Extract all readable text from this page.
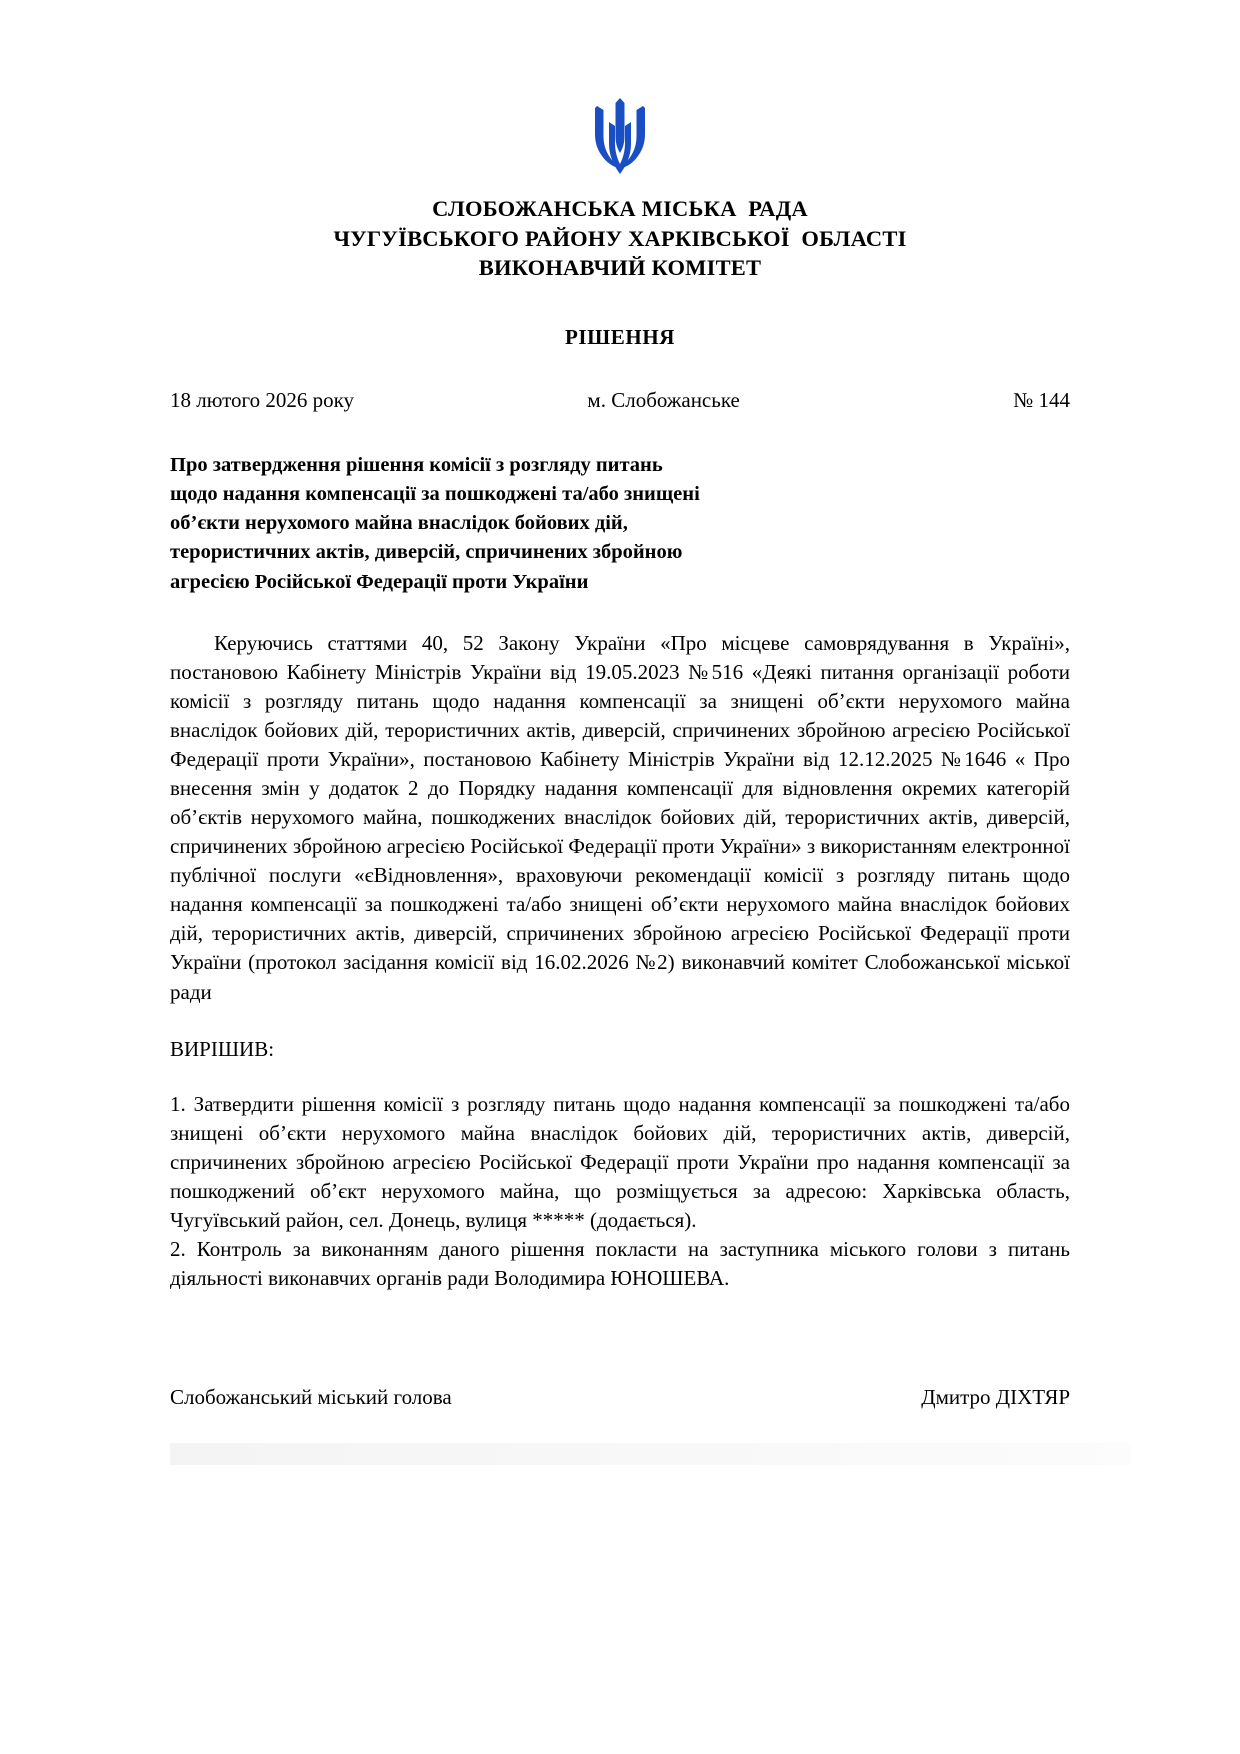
СЛОБОЖАНСЬКА МІСЬКА  РАДА
ЧУГУЇВСЬКОГО РАЙОНУ ХАРКІВСЬКОЇ  ОБЛАСТІ
ВИКОНАВЧИЙ КОМІТЕТ
РІШЕННЯ
18 лютого 2026 року	м. Слобожанське	№ 144
Про затвердження рішення комісії з розгляду питань
щодо надання компенсації за пошкоджені та/або знищені
об’єкти нерухомого майна внаслідок бойових дій,
терористичних актів, диверсій, спричинених збройною
агресією Російської Федерації проти України

Керуючись статтями 40, 52 Закону України «Про місцеве самоврядування в Україні», постановою Кабінету Міністрів України від 19.05.2023 №516 «Деякі питання організації роботи комісії з розгляду питань щодо надання компенсації за знищені об’єкти нерухомого майна внаслідок бойових дій, терористичних актів, диверсій, спричинених збройною агресією Російської Федерації проти України», постановою Кабінету Міністрів України від 12.12.2025 №1646 « Про внесення змін у додаток 2 до Порядку надання компенсації для відновлення окремих категорій об’єктів нерухомого майна, пошкоджених внаслідок бойових дій, терористичних актів, диверсій, спричинених збройною агресією Російської Федерації проти України» з використанням електронної публічної послуги «єВідновлення», враховуючи рекомендації комісії з розгляду питань щодо надання компенсації за пошкоджені та/або знищені об’єкти нерухомого майна внаслідок бойових дій, терористичних актів, диверсій, спричинених збройною агресією Російської Федерації проти України (протокол засідання комісії від 16.02.2026 №2) виконавчий комітет Слобожанської міської ради

ВИРІШИВ:

1. Затвердити рішення комісії з розгляду питань щодо надання компенсації за пошкоджені та/або знищені об’єкти нерухомого майна внаслідок бойових дій, терористичних актів, диверсій, спричинених збройною агресією Російської Федерації проти України про надання компенсації за пошкоджений об’єкт нерухомого майна, що розміщується за адресою: Харківська область, Чугуївський район, сел. Донець, вулиця ***** (додається).

2. Контроль за виконанням даного рішення покласти на заступника міського голови з питань діяльності виконавчих органів ради Володимира ЮНОШЕВА.

Слобожанський міський голова	Дмитро ДІХТЯР
